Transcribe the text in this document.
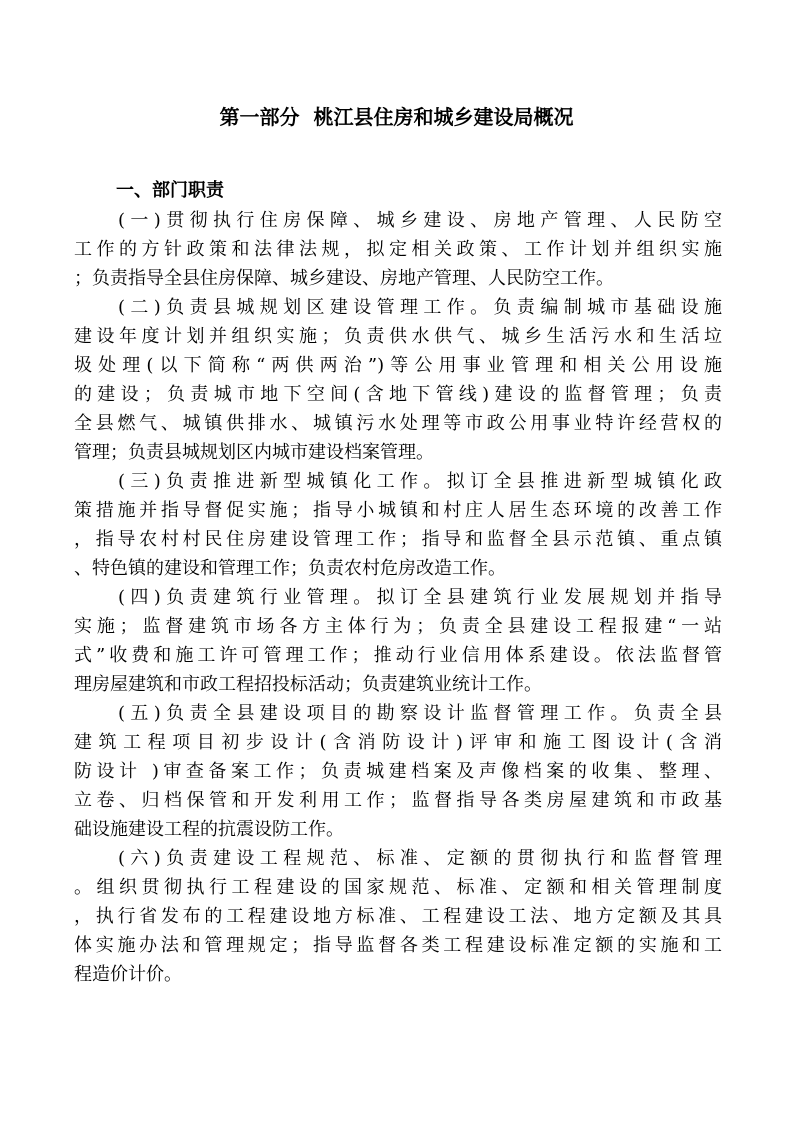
第一部分  桃江县住房和城乡建设局概况
一、部门职责
(一)贯彻执行住房保障、城乡建设、房地产管理、人民防空
工作的方针政策和法律法规，拟定相关政策、工作计划并组织实施
；负责指导全县住房保障、城乡建设、房地产管理、人民防空工作。
(二)负责县城规划区建设管理工作。负责编制城市基础设施
建设年度计划并组织实施；负责供水供气、城乡生活污水和生活垃
圾处理(以下简称“两供两治”)等公用事业管理和相关公用设施
的建设；负责城市地下空间(含地下管线)建设的监督管理；负责
全县燃气、城镇供排水、城镇污水处理等市政公用事业特许经营权的
管理；负责县城规划区内城市建设档案管理。
(三)负责推进新型城镇化工作。拟订全县推进新型城镇化政
策措施并指导督促实施；指导小城镇和村庄人居生态环境的改善工作
，指导农村村民住房建设管理工作；指导和监督全县示范镇、重点镇
、特色镇的建设和管理工作；负责农村危房改造工作。
(四)负责建筑行业管理。拟订全县建筑行业发展规划并指导
实施；监督建筑市场各方主体行为；负责全县建设工程报建“一站
式”收费和施工许可管理工作；推动行业信用体系建设。依法监督管
理房屋建筑和市政工程招投标活动；负责建筑业统计工作。
(五)负责全县建设项目的勘察设计监督管理工作。负责全县
建筑工程项目初步设计(含消防设计)评审和施工图设计(含消
防设计 )审查备案工作；负责城建档案及声像档案的收集、整理、
立卷、归档保管和开发利用工作；监督指导各类房屋建筑和市政基
础设施建设工程的抗震设防工作。
(六)负责建设工程规范、标准、定额的贯彻执行和监督管理
。组织贯彻执行工程建设的国家规范、标准、定额和相关管理制度
，执行省发布的工程建设地方标准、工程建设工法、地方定额及其具
体实施办法和管理规定；指导监督各类工程建设标准定额的实施和工
程造价计价。
